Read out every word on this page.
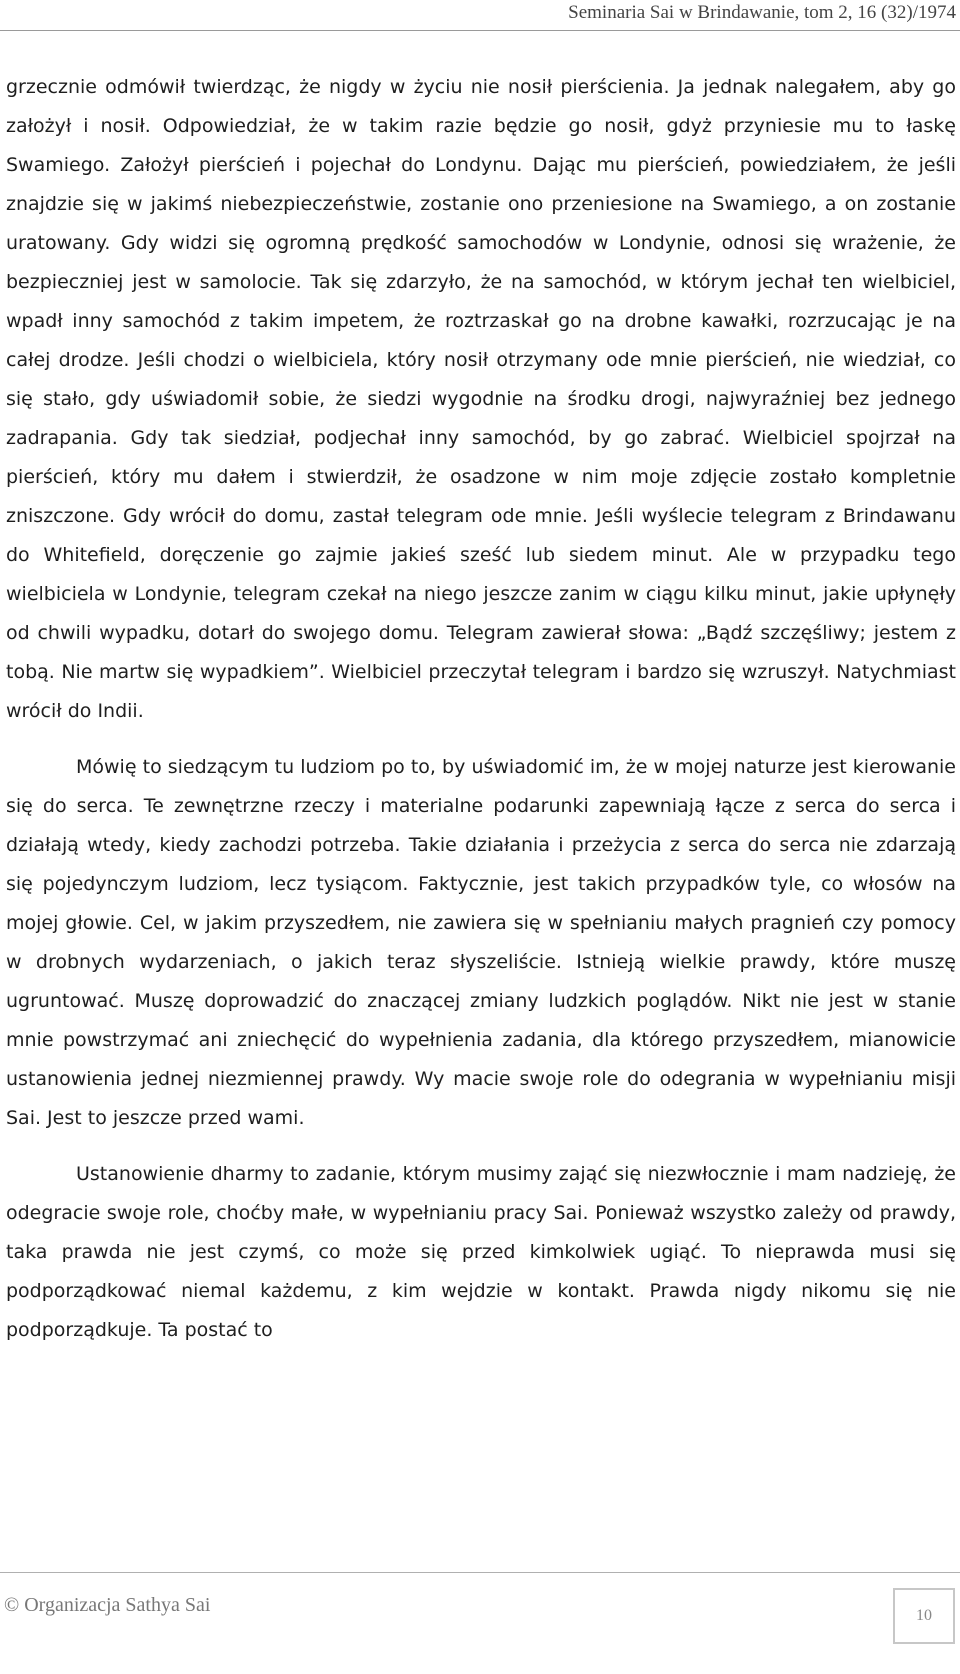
Seminaria Sai w Brindawanie, tom 2, 16 (32)/1974

grzecznie odmówił twierdząc, że nigdy w życiu nie nosił pierścienia. Ja jednak nalegałem, aby go założył i nosił. Odpowiedział, że w takim razie będzie go nosił, gdyż przyniesie mu to łaskę Swamiego. Założył pierścień i pojechał do Londynu. Dając mu pierścień, powiedziałem, że jeśli znajdzie się w jakimś niebezpieczeństwie, zostanie ono przeniesione na Swamiego, a on zostanie uratowany. Gdy widzi się ogromną prędkość samochodów w Londynie, odnosi się wrażenie, że bezpieczniej jest w samolocie. Tak się zdarzyło, że na samochód, w którym jechał ten wielbiciel, wpadł inny samochód z takim impetem, że roztrzaskał go na drobne kawałki, rozrzucając je na całej drodze. Jeśli chodzi o wielbiciela, który nosił otrzymany ode mnie pierścień, nie wiedział, co się stało, gdy uświadomił sobie, że siedzi wygodnie na środku drogi, najwyraźniej bez jednego zadrapania. Gdy tak siedział, podjechał inny samochód, by go zabrać. Wielbiciel spojrzał na pierścień, który mu dałem i stwierdził, że osadzone w nim moje zdjęcie zostało kompletnie zniszczone. Gdy wrócił do domu, zastał telegram ode mnie. Jeśli wyślecie telegram z Brindawanu do Whitefield, doręczenie go zajmie jakieś sześć lub siedem minut. Ale w przypadku tego wielbiciela w Londynie, telegram czekał na niego jeszcze zanim w ciągu kilku minut, jakie upłynęły od chwili wypadku, dotarł do swojego domu. Telegram zawierał słowa: „Bądź szczęśliwy; jestem z tobą. Nie martw się wypadkiem”. Wielbiciel przeczytał telegram i bardzo się wzruszył. Natychmiast wrócił do Indii.

Mówię to siedzącym tu ludziom po to, by uświadomić im, że w mojej naturze jest kierowanie się do serca. Te zewnętrzne rzeczy i materialne podarunki zapewniają łącze z serca do serca i działają wtedy, kiedy zachodzi potrzeba. Takie działania i przeżycia z serca do serca nie zdarzają się pojedynczym ludziom, lecz tysiącom. Faktycznie, jest takich przypadków tyle, co włosów na mojej głowie. Cel, w jakim przyszedłem, nie zawiera się w spełnianiu małych pragnień czy pomocy w drobnych wydarzeniach, o jakich teraz słyszeliście. Istnieją wielkie prawdy, które muszę ugruntować. Muszę doprowadzić do znaczącej zmiany ludzkich poglądów. Nikt nie jest w stanie mnie powstrzymać ani zniechęcić do wypełnienia zadania, dla którego przyszedłem, mianowicie ustanowienia jednej niezmiennej prawdy. Wy macie swoje role do odegrania w wypełnianiu misji Sai. Jest to jeszcze przed wami.

Ustanowienie dharmy to zadanie, którym musimy zająć się niezwłocznie i mam nadzieję, że odegracie swoje role, choćby małe, w wypełnianiu pracy Sai. Ponieważ wszystko zależy od prawdy, taka prawda nie jest czymś, co może się przed kimkolwiek ugiąć. To nieprawda musi się podporządkować niemal każdemu, z kim wejdzie w kontakt. Prawda nigdy nikomu się nie podporządkuje. Ta postać to

© Organizacja Sathya Sai	10
